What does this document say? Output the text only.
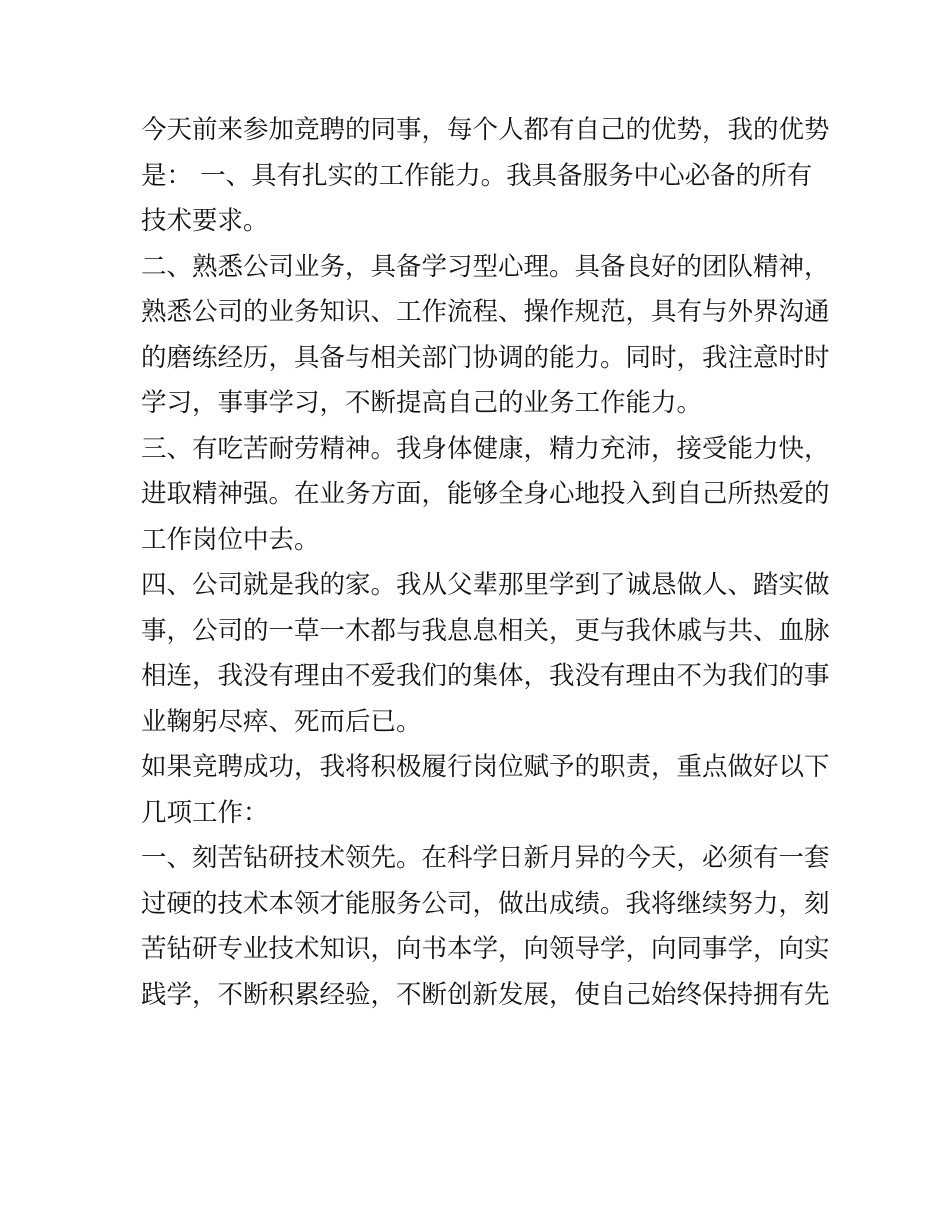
今天前来参加竞聘的同事，每个人都有自己的优势，我的优势
是： 一、具有扎实的工作能力。我具备服务中心必备的所有
技术要求。

二、熟悉公司业务，具备学习型心理。具备良好的团队精神，
熟悉公司的业务知识、工作流程、操作规范，具有与外界沟通
的磨练经历，具备与相关部门协调的能力。同时，我注意时时
学习，事事学习，不断提高自己的业务工作能力。

三、有吃苦耐劳精神。我身体健康，精力充沛，接受能力快，
进取精神强。在业务方面，能够全身心地投入到自己所热爱的
工作岗位中去。

四、公司就是我的家。我从父辈那里学到了诚恳做人、踏实做
事，公司的一草一木都与我息息相关，更与我休戚与共、血脉
相连，我没有理由不爱我们的集体，我没有理由不为我们的事
业鞠躬尽瘁、死而后已。

如果竞聘成功，我将积极履行岗位赋予的职责，重点做好以下
几项工作：

一、刻苦钻研技术领先。在科学日新月异的今天，必须有一套
过硬的技术本领才能服务公司，做出成绩。我将继续努力，刻
苦钻研专业技术知识，向书本学，向领导学，向同事学，向实
践学，不断积累经验，不断创新发展，使自己始终保持拥有先
